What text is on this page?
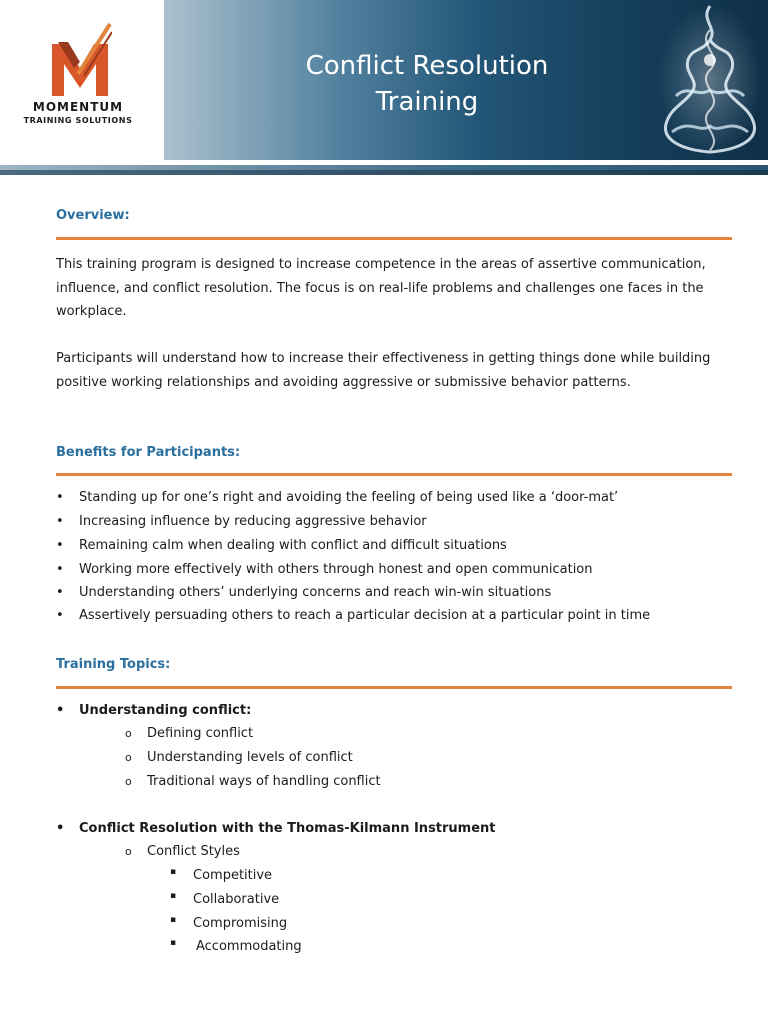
MOMENTUM
TRAINING SOLUTIONS
Conflict Resolution
Training
Overview:

This training program is designed to increase competence in the areas of assertive communication, influence, and conflict resolution. The focus is on real-life problems and challenges one faces in the workplace.

Participants will understand how to increase their effectiveness in getting things done while building positive working relationships and avoiding aggressive or submissive behavior patterns.

Benefits for Participants:
• Standing up for one’s right and avoiding the feeling of being used like a ‘door-mat’
• Increasing influence by reducing aggressive behavior
• Remaining calm when dealing with conflict and difficult situations
• Working more effectively with others through honest and open communication
• Understanding others’ underlying concerns and reach win-win situations
• Assertively persuading others to reach a particular decision at a particular point in time
Training Topics:
• Understanding conflict:
o Defining conflict
o Understanding levels of conflict
o Traditional ways of handling conflict
• Conflict Resolution with the Thomas-Kilmann Instrument
o Conflict Styles
▪ Competitive
▪ Collaborative
▪ Compromising
▪ Accommodating
